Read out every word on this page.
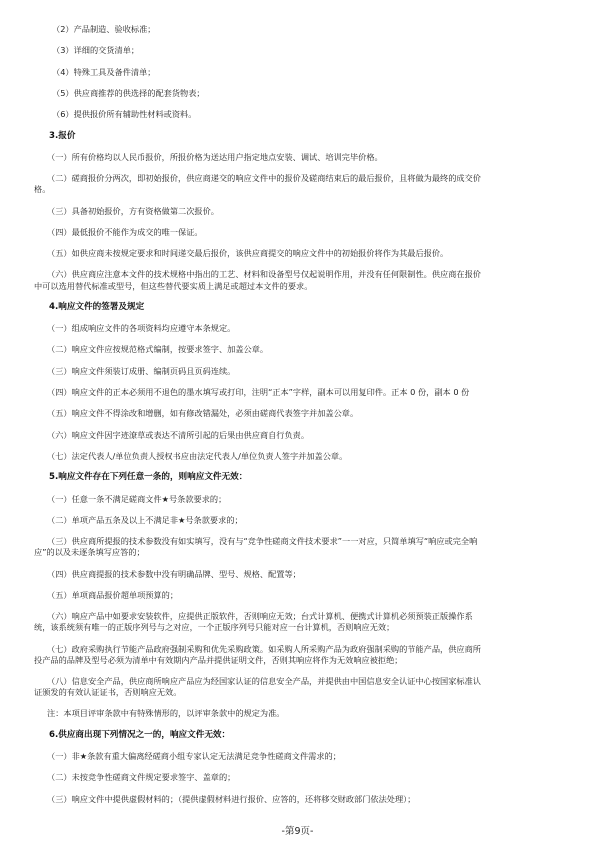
（2）产品制造、验收标准；
（3）详细的交货清单；
（4）特殊工具及备件清单；
（5）供应商推荐的供选择的配套货物表；
（6）提供报价所有辅助性材料或资料。
3.报价
（一）所有价格均以人民币报价，所报价格为送达用户指定地点安装、调试、培训完毕价格。
（二）磋商报价分两次，即初始报价，供应商递交的响应文件中的报价及磋商结束后的最后报价，且将做为最终的成交价
格。
（三）具备初始报价，方有资格做第二次报价。
（四）最低报价不能作为成交的唯一保证。
（五）如供应商未按规定要求和时间递交最后报价，该供应商提交的响应文件中的初始报价将作为其最后报价。
（六）供应商应注意本文件的技术规格中指出的工艺、材料和设备型号仅起说明作用，并没有任何限制性。供应商在报价
中可以选用替代标准或型号，但这些替代要实质上满足或超过本文件的要求。
4.响应文件的签署及规定
（一）组成响应文件的各项资料均应遵守本条规定。
（二）响应文件应按规范格式编制，按要求签字、加盖公章。
（三）响应文件须装订成册、编制页码且页码连续。
（四）响应文件的正本必须用不退色的墨水填写或打印，注明“正本”字样，副本可以用复印件。正本 0 份，副本 0 份
（五）响应文件不得涂改和增删，如有修改错漏处，必须由磋商代表签字并加盖公章。
（六）响应文件因字迹潦草或表达不清所引起的后果由供应商自行负责。
（七）法定代表人/单位负责人授权书应由法定代表人/单位负责人签字并加盖公章。
5.响应文件存在下列任意一条的，则响应文件无效：
（一）任意一条不满足磋商文件★号条款要求的；
（二）单项产品五条及以上不满足非★号条款要求的；
（三）供应商所提报的技术参数没有如实填写，没有与“竞争性磋商文件技术要求”一一对应，只简单填写“响应或完全响
应”的以及未逐条填写应答的；
（四）供应商提报的技术参数中没有明确品牌、型号、规格、配置等；
（五）单项商品报价超单项预算的；
（六）响应产品中如要求安装软件，应提供正版软件，否则响应无效；台式计算机、便携式计算机必须预装正版操作系
统，该系统须有唯一的正版序列号与之对应，一个正版序列号只能对应一台计算机，否则响应无效；
（七）政府采购执行节能产品政府强制采购和优先采购政策。如采购人所采购产品为政府强制采购的节能产品，供应商所
投产品的品牌及型号必须为清单中有效期内产品并提供证明文件，否则其响应将作为无效响应被拒绝；
（八）信息安全产品，供应商所响应产品应为经国家认证的信息安全产品，并提供由中国信息安全认证中心按国家标准认
证颁发的有效认证证书，否则响应无效。
注：本项目评审条款中有特殊情形的，以评审条款中的规定为准。
6.供应商出现下列情况之一的，响应文件无效：
-第9页-
（一）非★条款有重大偏离经磋商小组专家认定无法满足竞争性磋商文件需求的；
（二）未按竞争性磋商文件规定要求签字、盖章的；
（三）响应文件中提供虚假材料的；（提供虚假材料进行报价、应答的，还将移交财政部门依法处理）；
